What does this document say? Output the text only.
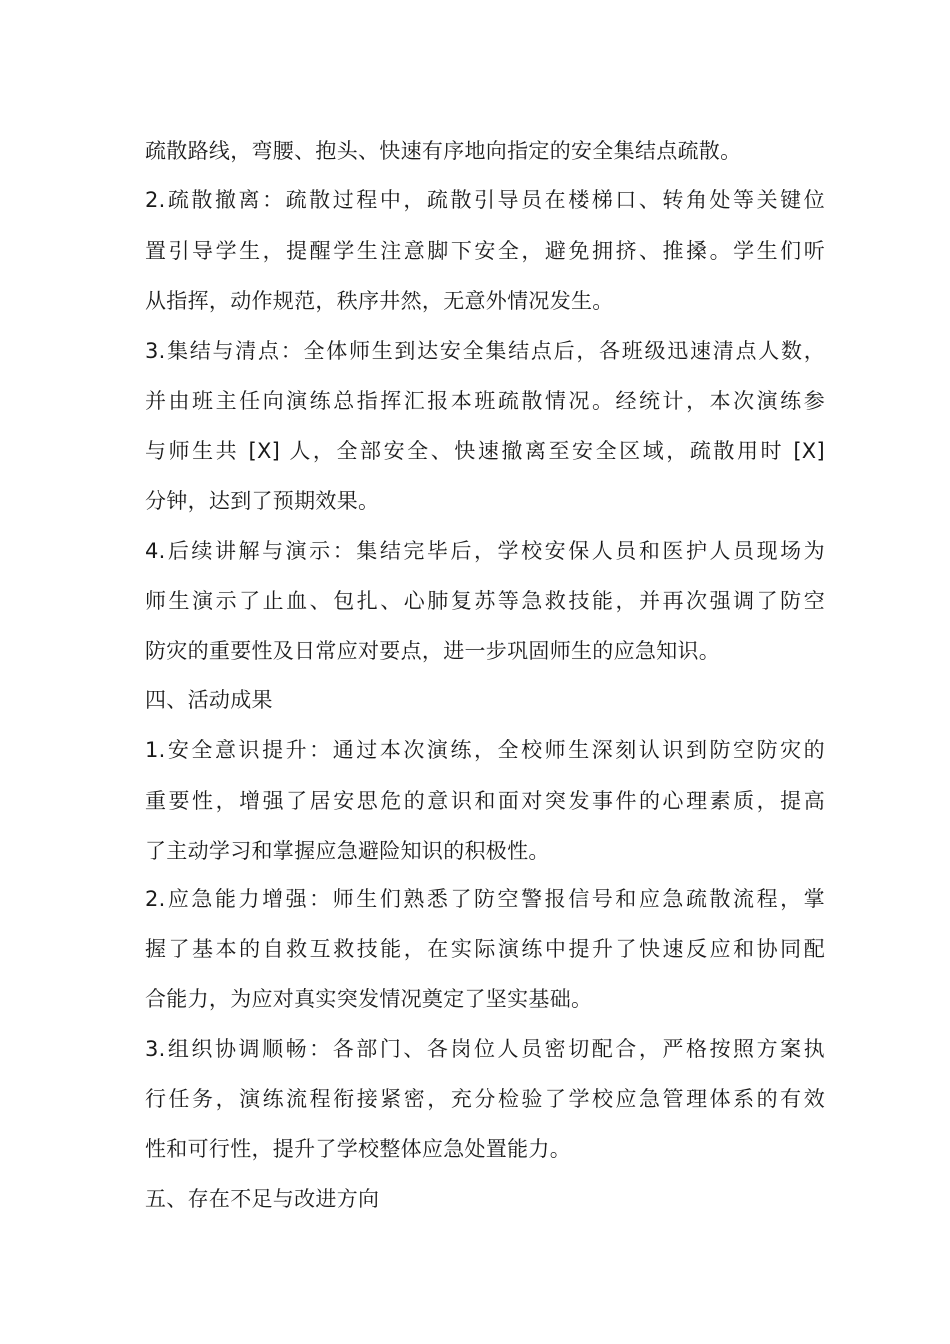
疏散路线，弯腰、抱头、快速有序地向指定的安全集结点疏散。
2.疏散撤离：疏散过程中，疏散引导员在楼梯口、转角处等关键位
置引导学生，提醒学生注意脚下安全，避免拥挤、推搡。学生们听
从指挥，动作规范，秩序井然，无意外情况发生。
3.集结与清点：全体师生到达安全集结点后，各班级迅速清点人数，
并由班主任向演练总指挥汇报本班疏散情况。经统计，本次演练参
与师生共 [X] 人，全部安全、快速撤离至安全区域，疏散用时 [X]
分钟，达到了预期效果。
4.后续讲解与演示：集结完毕后，学校安保人员和医护人员现场为
师生演示了止血、包扎、心肺复苏等急救技能，并再次强调了防空
防灾的重要性及日常应对要点，进一步巩固师生的应急知识。
四、活动成果
1.安全意识提升：通过本次演练，全校师生深刻认识到防空防灾的
重要性，增强了居安思危的意识和面对突发事件的心理素质，提高
了主动学习和掌握应急避险知识的积极性。
2.应急能力增强：师生们熟悉了防空警报信号和应急疏散流程，掌
握了基本的自救互救技能，在实际演练中提升了快速反应和协同配
合能力，为应对真实突发情况奠定了坚实基础。
3.组织协调顺畅：各部门、各岗位人员密切配合，严格按照方案执
行任务，演练流程衔接紧密，充分检验了学校应急管理体系的有效
性和可行性，提升了学校整体应急处置能力。
五、存在不足与改进方向
